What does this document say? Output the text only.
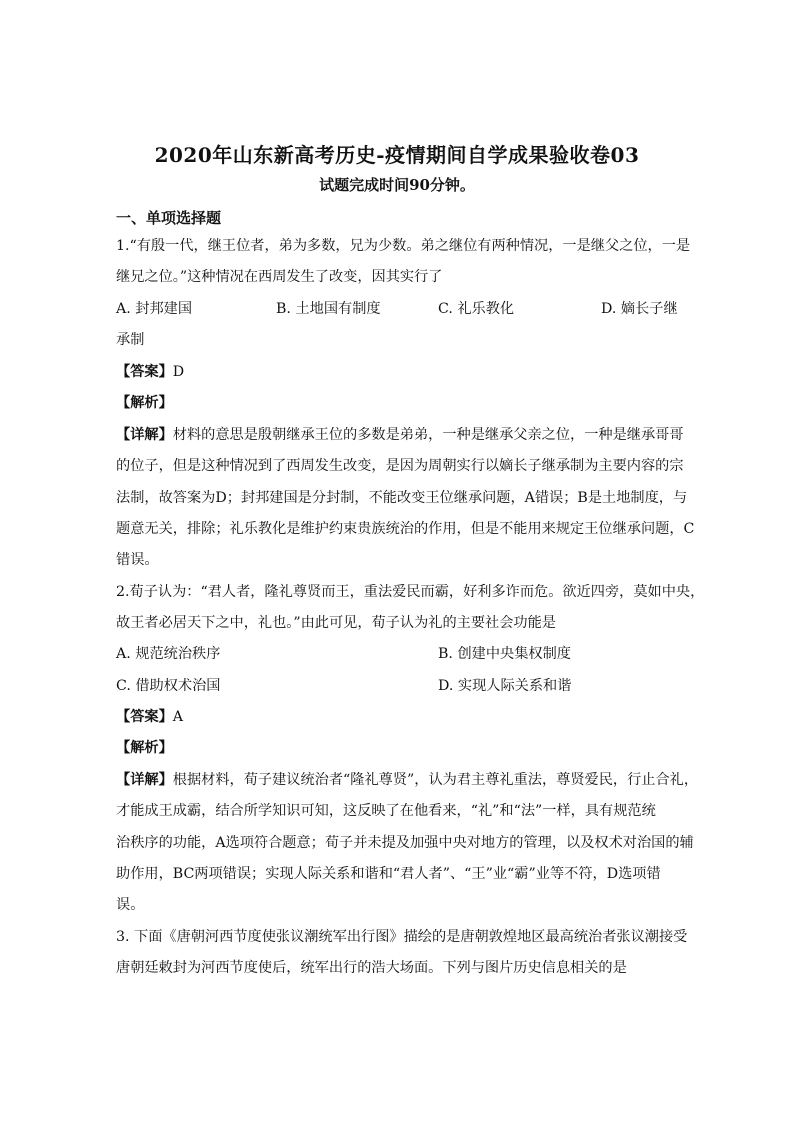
2020年山东新高考历史-疫情期间自学成果验收卷03
试题完成时间90分钟。
一、单项选择题
1.“有殷一代，继王位者，弟为多数，兄为少数。弟之继位有两种情况，一是继父之位，一是
继兄之位。”这种情况在西周发生了改变，因其实行了
A. 封邦建国	B. 土地国有制度	C. 礼乐教化	D. 嫡长子继
承制
【答案】D
【解析】
【详解】材料的意思是殷朝继承王位的多数是弟弟，一种是继承父亲之位，一种是继承哥哥
的位子，但是这种情况到了西周发生改变，是因为周朝实行以嫡长子继承制为主要内容的宗
法制，故答案为D；封邦建国是分封制，不能改变王位继承问题，A错误；B是土地制度，与
题意无关，排除；礼乐教化是维护约束贵族统治的作用，但是不能用来规定王位继承问题，C
错误。
2.荀子认为：“君人者，隆礼尊贤而王，重法爱民而霸，好利多诈而危。欲近四旁，莫如中央，
故王者必居天下之中，礼也。”由此可见，荀子认为礼的主要社会功能是
A. 规范统治秩序	B. 创建中央集权制度
C. 借助权术治国	D. 实现人际关系和谐
【答案】A
【解析】
【详解】根据材料，荀子建议统治者“隆礼尊贤”，认为君主尊礼重法，尊贤爱民，行止合礼，
才能成王成霸，结合所学知识可知，这反映了在他看来，“礼”和“法”一样，具有规范统
治秩序的功能，A选项符合题意；荀子并未提及加强中央对地方的管理，以及权术对治国的辅
助作用，BC两项错误；实现人际关系和谐和“君人者”、“王”业“霸”业等不符，D选项错
误。
3. 下面《唐朝河西节度使张议潮统军出行图》描绘的是唐朝敦煌地区最高统治者张议潮接受
唐朝廷敕封为河西节度使后，统军出行的浩大场面。下列与图片历史信息相关的是
